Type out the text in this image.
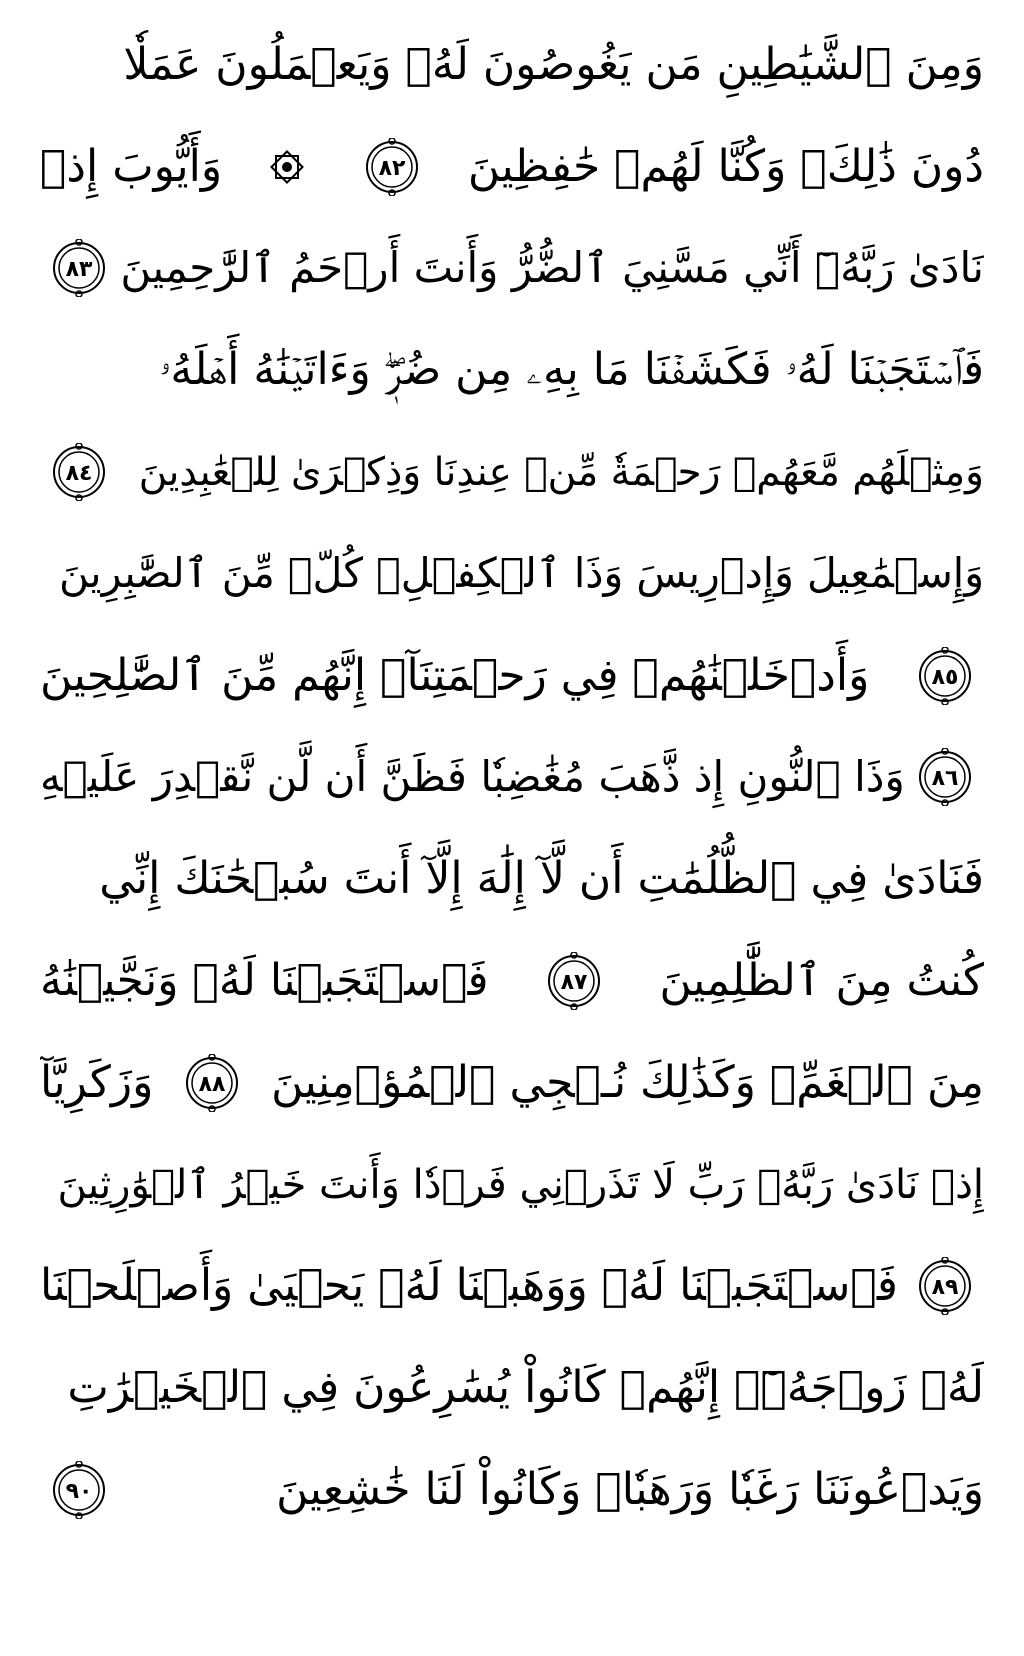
وَمِنَ ٱلشَّيَٰطِينِ مَن يَغُوصُونَ لَهُۥ وَيَعۡمَلُونَ عَمَلٗا
دُونَ ذَٰلِكَۖ وَكُنَّا لَهُمۡ حَٰفِظِينَ
٨٢
وَأَيُّوبَ إِذۡ
نَادَىٰ رَبَّهُۥٓ أَنِّي مَسَّنِيَ ٱلضُّرُّ وَأَنتَ أَرۡحَمُ ٱلرَّٰحِمِينَ
٨٣
فَٱسۡتَجَبۡنَا لَهُۥ فَكَشَفۡنَا مَا بِهِۦ مِن ضُرّٖۖ وَءَاتَيۡنَٰهُ أَهۡلَهُۥ
وَمِثۡلَهُم مَّعَهُمۡ رَحۡمَةٗ مِّنۡ عِندِنَا وَذِكۡرَىٰ لِلۡعَٰبِدِينَ
٨٤
وَإِسۡمَٰعِيلَ وَإِدۡرِيسَ وَذَا ٱلۡكِفۡلِۖ كُلّٞ مِّنَ ٱلصَّٰبِرِينَ
٨٥
وَأَدۡخَلۡنَٰهُمۡ فِي رَحۡمَتِنَآۖ إِنَّهُم مِّنَ ٱلصَّٰلِحِينَ
٨٦
وَذَا ٱلنُّونِ إِذ ذَّهَبَ مُغَٰضِبٗا فَظَنَّ أَن لَّن نَّقۡدِرَ عَلَيۡهِ
فَنَادَىٰ فِي ٱلظُّلُمَٰتِ أَن لَّآ إِلَٰهَ إِلَّآ أَنتَ سُبۡحَٰنَكَ إِنِّي
كُنتُ مِنَ ٱلظَّٰلِمِينَ
٨٧
فَٱسۡتَجَبۡنَا لَهُۥ وَنَجَّيۡنَٰهُ
مِنَ ٱلۡغَمِّۚ وَكَذَٰلِكَ نُـۨجِي ٱلۡمُؤۡمِنِينَ
٨٨
وَزَكَرِيَّآ
إِذۡ نَادَىٰ رَبَّهُۥ رَبِّ لَا تَذَرۡنِي فَرۡدٗا وَأَنتَ خَيۡرُ ٱلۡوَٰرِثِينَ
٨٩
فَٱسۡتَجَبۡنَا لَهُۥ وَوَهَبۡنَا لَهُۥ يَحۡيَىٰ وَأَصۡلَحۡنَا
لَهُۥ زَوۡجَهُۥٓۚ إِنَّهُمۡ كَانُواْ يُسَٰرِعُونَ فِي ٱلۡخَيۡرَٰتِ
وَيَدۡعُونَنَا رَغَبٗا وَرَهَبٗاۖ وَكَانُواْ لَنَا خَٰشِعِينَ
٩٠
